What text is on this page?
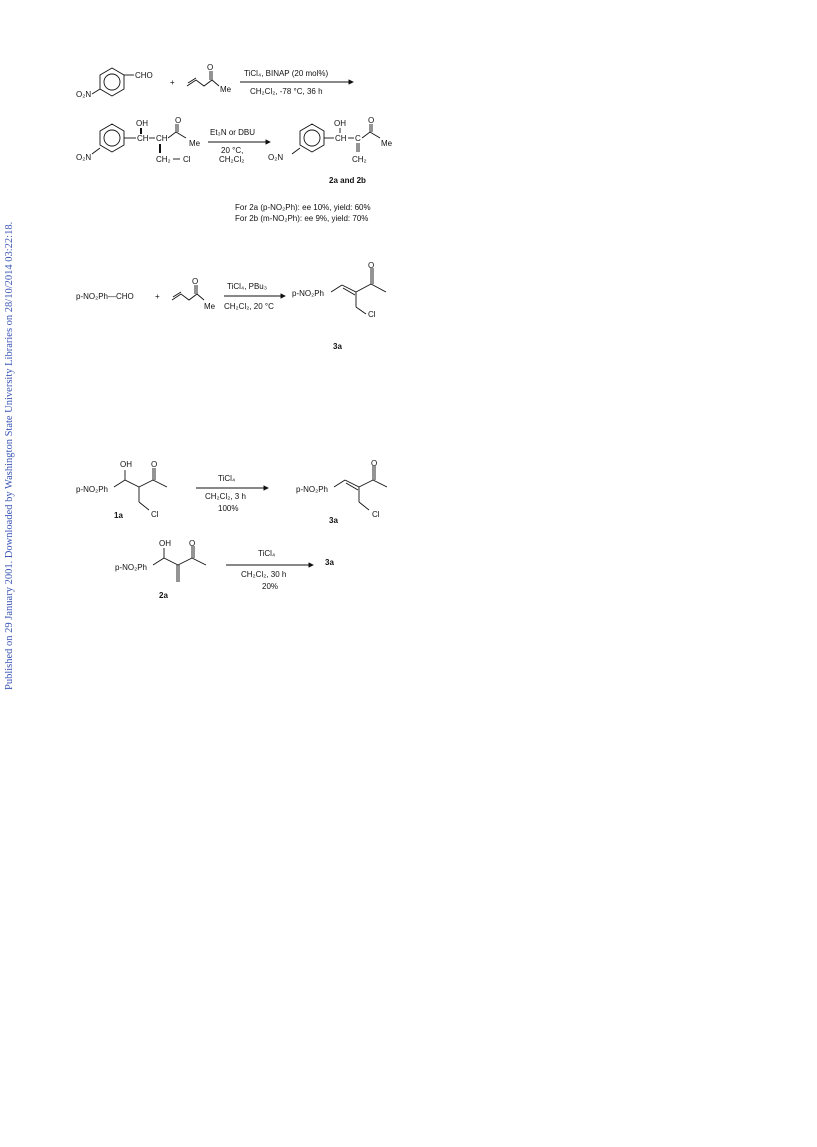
Published on 29 January 2001. Downloaded by Washington State University Libraries on 28/10/2014 03:22:18.
CHO
O₂N
+
O
Me
TiCl₄, BINAP (20 mol%)
CH₂Cl₂, -78 °C, 36 h
O₂N
CH
OH
CH
O
Me
CH₂ Cl
Et₃N or DBU
20 °C,
CH₂Cl₂	O₂N
CH
OH
C
O
Me
CH₂
2a and 2b
For 2a (p-NO₂Ph): ee 10%, yield: 60%
For 2b (m-NO₂Ph): ee 9%, yield: 70%
p-NO₂Ph—CHO	+
O
Me
TiCl₄, PBu₃
CH₂Cl₂, 20 °C
p-NO₂Ph
O
Cl
3a
p-NO₂Ph
OH O
Cl
1a
TiCl₄
CH₂Cl₂, 3 h
100%
p-NO₂Ph
O
Cl
3a
p-NO₂Ph
OH O
2a
TiCl₄
CH₂Cl₂, 30 h
20%
3a
